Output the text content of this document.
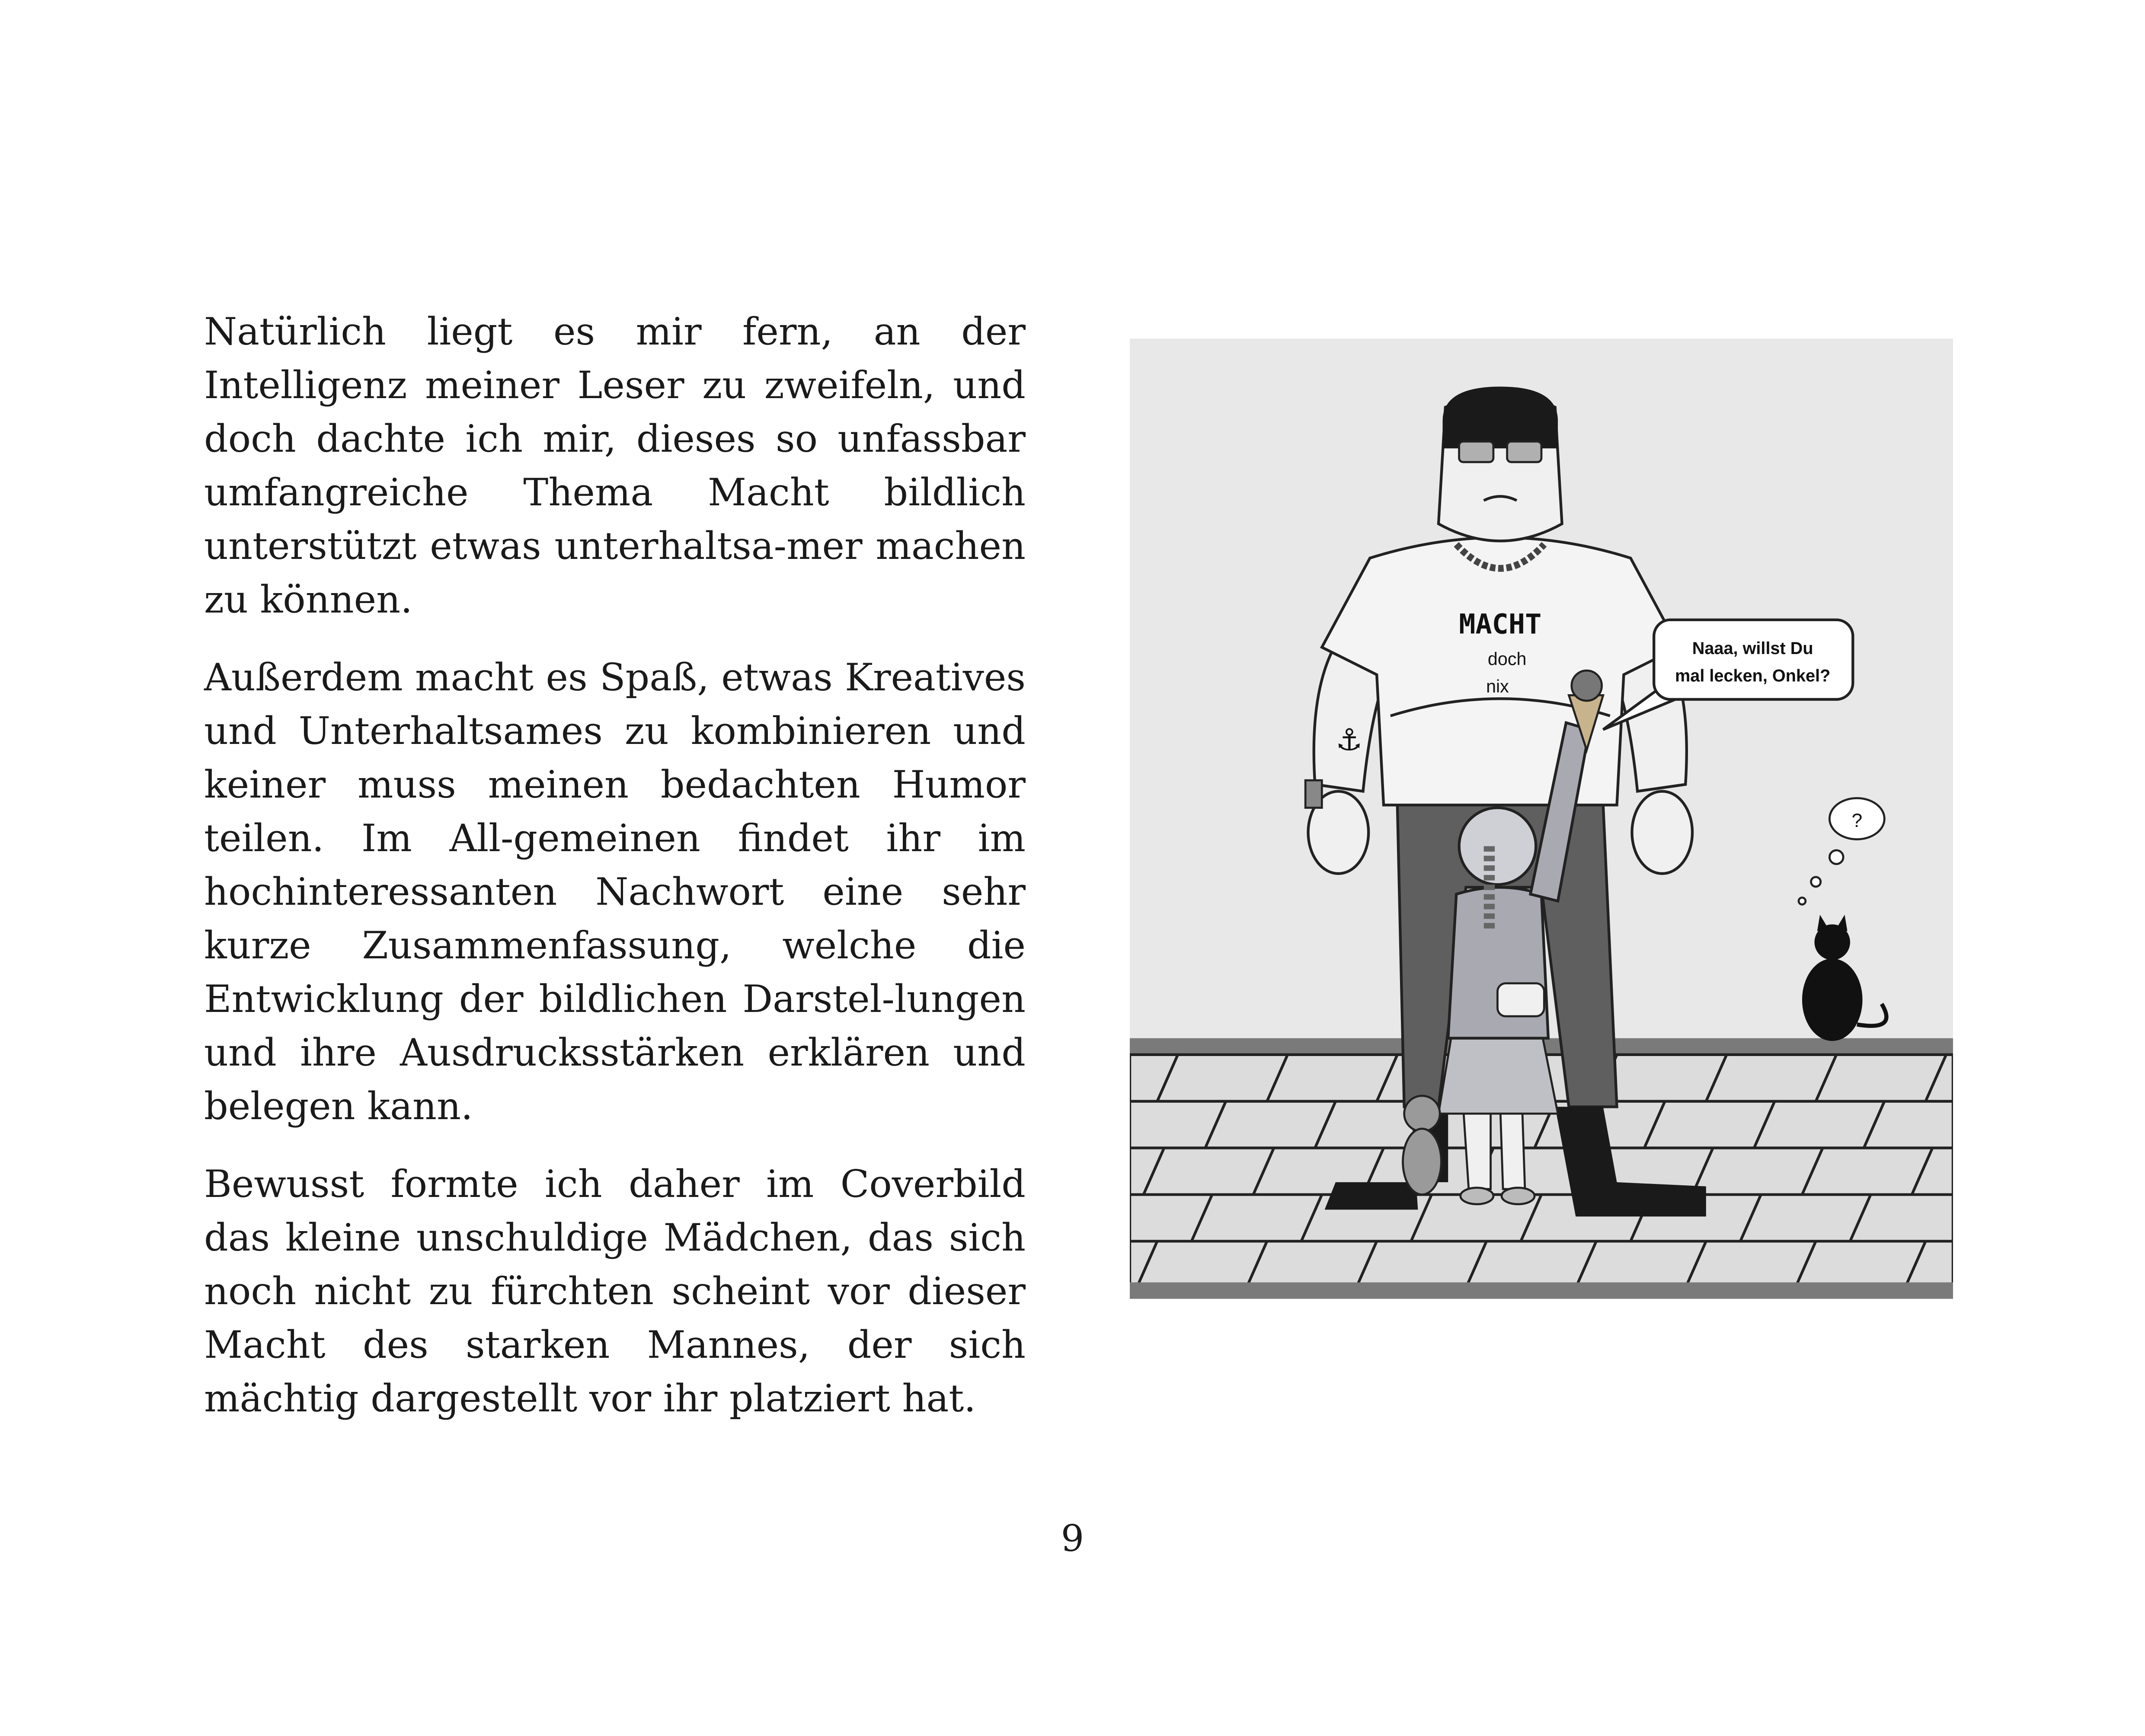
Natürlich liegt es mir fern, an der Intelligenz meiner Leser zu zweifeln, und doch dachte ich mir, dieses so unfassbar umfangreiche Thema Macht bildlich unterstützt etwas unterhaltsa-mer machen zu können.

Außerdem macht es Spaß, etwas Kreatives und Unterhaltsames zu kombinieren und keiner muss meinen bedachten Humor teilen. Im All-gemeinen findet ihr im hochinteressanten Nachwort eine sehr kurze Zusammenfassung, welche die Entwicklung der bildlichen Darstel-lungen und ihre Ausdrucksstärken erklären und belegen kann.

Bewusst formte ich daher im Coverbild das kleine unschuldige Mädchen, das sich noch nicht zu fürchten scheint vor dieser Macht des starken Mannes, der sich mächtig dargestellt vor ihr platziert hat.

⚓
MACHT
doch
nix
Naaa, willst Du
mal lecken, Onkel?
?
9
